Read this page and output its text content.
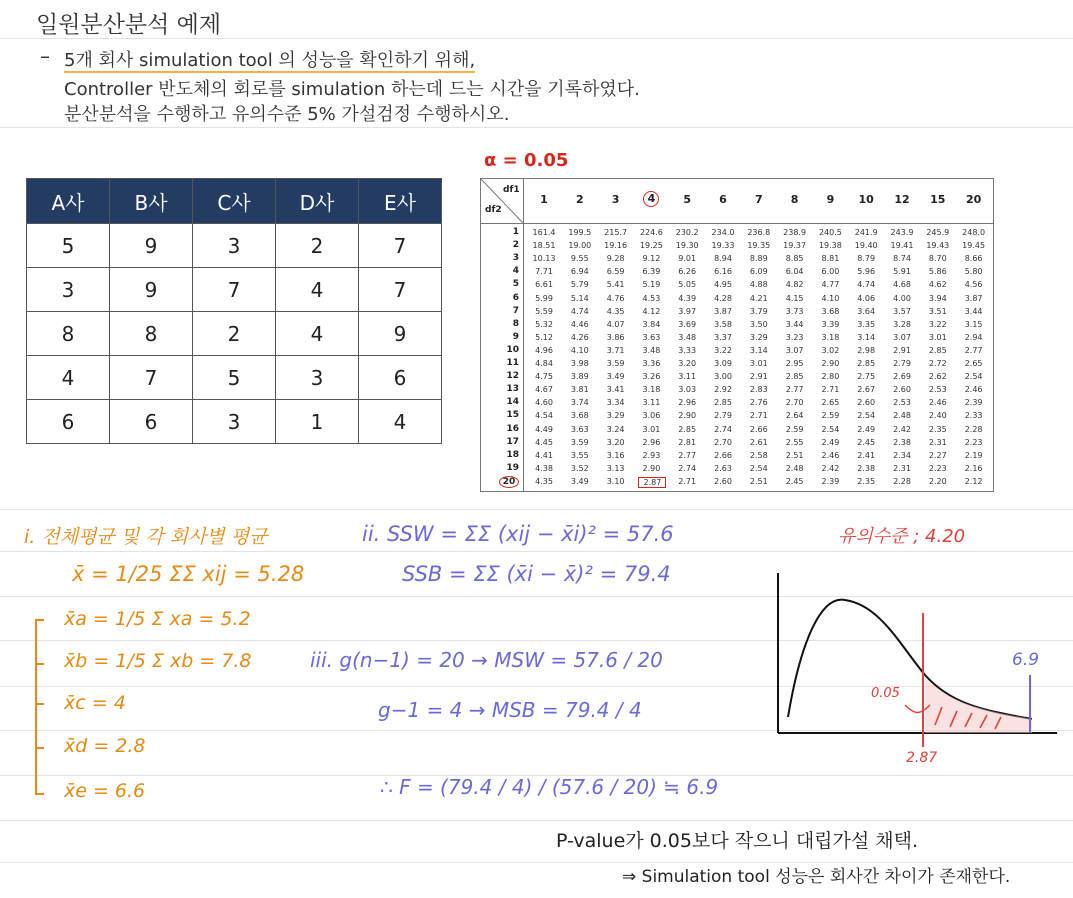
일원분산분석 예제
– 5개 회사 simulation tool 의 성능을 확인하기 위해,
Controller 반도체의 회로를 simulation 하는데 드는 시간을 기록하였다.
분산분석을 수행하고 유의수준 5% 가설검정 수행하시오.
A사	B사	C사	D사	E사
5	9	3	2	7
3	9	7	4	7
8	8	2	4	9
4	7	5	3	6
6	6	3	1	4
α = 0.05
df1
df2
1	2	3	4	5	6	7	8	9	10	12	15	20
1	161.4	199.5	215.7	224.6	230.2	234.0	236.8	238.9	240.5	241.9	243.9	245.9	248.0
2	18.51	19.00	19.16	19.25	19.30	19.33	19.35	19.37	19.38	19.40	19.41	19.43	19.45
3	10.13	9.55	9.28	9.12	9.01	8.94	8.89	8.85	8.81	8.79	8.74	8.70	8.66
4	7.71	6.94	6.59	6.39	6.26	6.16	6.09	6.04	6.00	5.96	5.91	5.86	5.80
5	6.61	5.79	5.41	5.19	5.05	4.95	4.88	4.82	4.77	4.74	4.68	4.62	4.56
6	5.99	5.14	4.76	4.53	4.39	4.28	4.21	4.15	4.10	4.06	4.00	3.94	3.87
7	5.59	4.74	4.35	4.12	3.97	3.87	3.79	3.73	3.68	3.64	3.57	3.51	3.44
8	5.32	4.46	4.07	3.84	3.69	3.58	3.50	3.44	3.39	3.35	3.28	3.22	3.15
9	5.12	4.26	3.86	3.63	3.48	3.37	3.29	3.23	3.18	3.14	3.07	3.01	2.94
10	4.96	4.10	3.71	3.48	3.33	3.22	3.14	3.07	3.02	2.98	2.91	2.85	2.77
11	4.84	3.98	3.59	3.36	3.20	3.09	3.01	2.95	2.90	2.85	2.79	2.72	2.65
12	4.75	3.89	3.49	3.26	3.11	3.00	2.91	2.85	2.80	2.75	2.69	2.62	2.54
13	4.67	3.81	3.41	3.18	3.03	2.92	2.83	2.77	2.71	2.67	2.60	2.53	2.46
14	4.60	3.74	3.34	3.11	2.96	2.85	2.76	2.70	2.65	2.60	2.53	2.46	2.39
15	4.54	3.68	3.29	3.06	2.90	2.79	2.71	2.64	2.59	2.54	2.48	2.40	2.33
16	4.49	3.63	3.24	3.01	2.85	2.74	2.66	2.59	2.54	2.49	2.42	2.35	2.28
17	4.45	3.59	3.20	2.96	2.81	2.70	2.61	2.55	2.49	2.45	2.38	2.31	2.23
18	4.41	3.55	3.16	2.93	2.77	2.66	2.58	2.51	2.46	2.41	2.34	2.27	2.19
19	4.38	3.52	3.13	2.90	2.74	2.63	2.54	2.48	2.42	2.38	2.31	2.23	2.16
20	4.35	3.49	3.10	2.87	2.71	2.60	2.51	2.45	2.39	2.35	2.28	2.20	2.12
i. 전체평균 및 각 회사별 평균
x̄ = 1/25 ΣΣ xij = 5.28
x̄a = 1/5 Σ xa = 5.2
x̄b = 1/5 Σ xb = 7.8
x̄c = 4
x̄d = 2.8
x̄e = 6.6
ii. SSW = ΣΣ (xij − x̄i)² = 57.6
SSB = ΣΣ (x̄i − x̄)² = 79.4
유의수준 ; 4.20
iii. g(n−1) = 20 → MSW = 57.6 / 20
g−1 = 4 → MSB = 79.4 / 4
∴ F = (79.4 / 4) / (57.6 / 20) ≒ 6.9
0.05
2.87
6.9
P-value가 0.05보다 작으니 대립가설 채택.
⇒ Simulation tool 성능은 회사간 차이가 존재한다.
